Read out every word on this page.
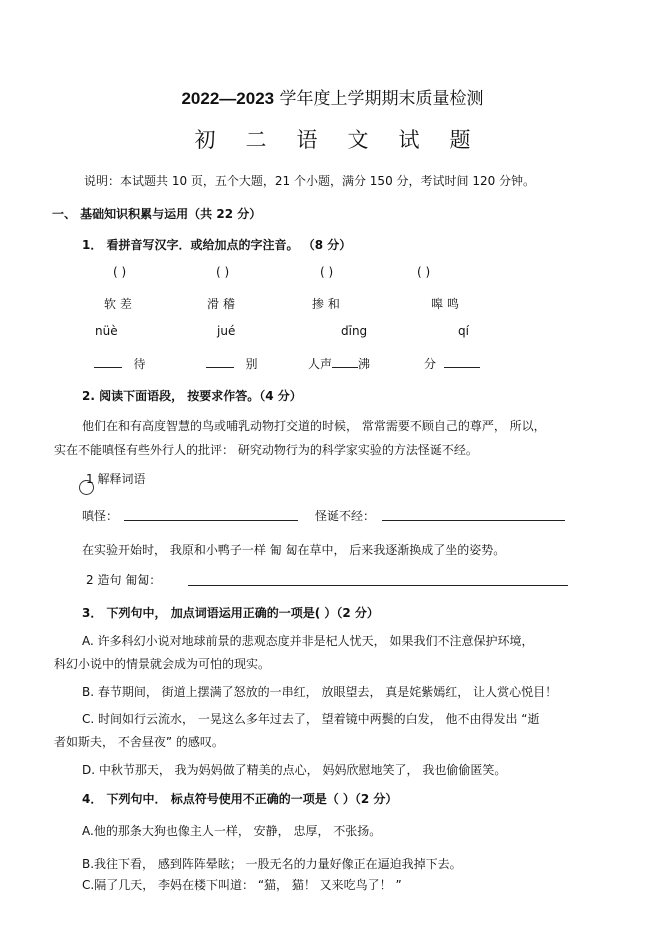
2022—2023 学年度上学期期末质量检测
初二语文试题
说明：本试题共 10 页，五个大题，21 个小题，满分 150 分，考试时间 120 分钟。
一、 基础知识积累与运用（共 22 分）
1． 看拼音写汉字．或给加点的字注音。 （8 分）
( )	( )	( )	( )
软 差	滑 稽	掺 和	嗥 鸣
nüè	jué	dīng	qí
待	别	人声 沸	分
2. 阅读下面语段， 按要求作答。（4 分）
他们在和有高度智慧的鸟或哺乳动物打交道的时候， 常常需要不顾自己的尊严， 所以，
实在不能嗔怪有些外行人的批评： 研究动物行为的科学家实验的方法怪诞不经。
1 解释词语
嗔怪：	怪诞不经：
在实验开始时， 我原和小鸭子一样 匍 匐在草中， 后来我逐渐换成了坐的姿势。
2 造句 匍匐：
3． 下列句中， 加点词语运用正确的一项是( ）（2 分）
A. 许多科幻小说对地球前景的悲观态度并非是杞人忧天， 如果我们不注意保护环境，
科幻小说中的情景就会成为可怕的现实。
B. 春节期间， 街道上摆满了怒放的一串红， 放眼望去， 真是姹紫嫣红， 让人赏心悦目！
C. 时间如行云流水， 一晃这么多年过去了， 望着镜中两鬓的白发， 他不由得发出 “逝
者如斯夫， 不舍昼夜” 的感叹。
D. 中秋节那天， 我为妈妈做了精美的点心， 妈妈欣慰地笑了， 我也偷偷匿笑。
4． 下列句中． 标点符号使用不正确的一项是（ ）（2 分）
A.他的那条大狗也像主人一样， 安静， 忠厚， 不张扬。
B.我往下看， 感到阵阵晕眩； 一股无名的力量好像正在逼迫我掉下去。
C.隔了几天， 李妈在楼下叫道： “猫， 猫！ 又来吃鸟了！ ”
